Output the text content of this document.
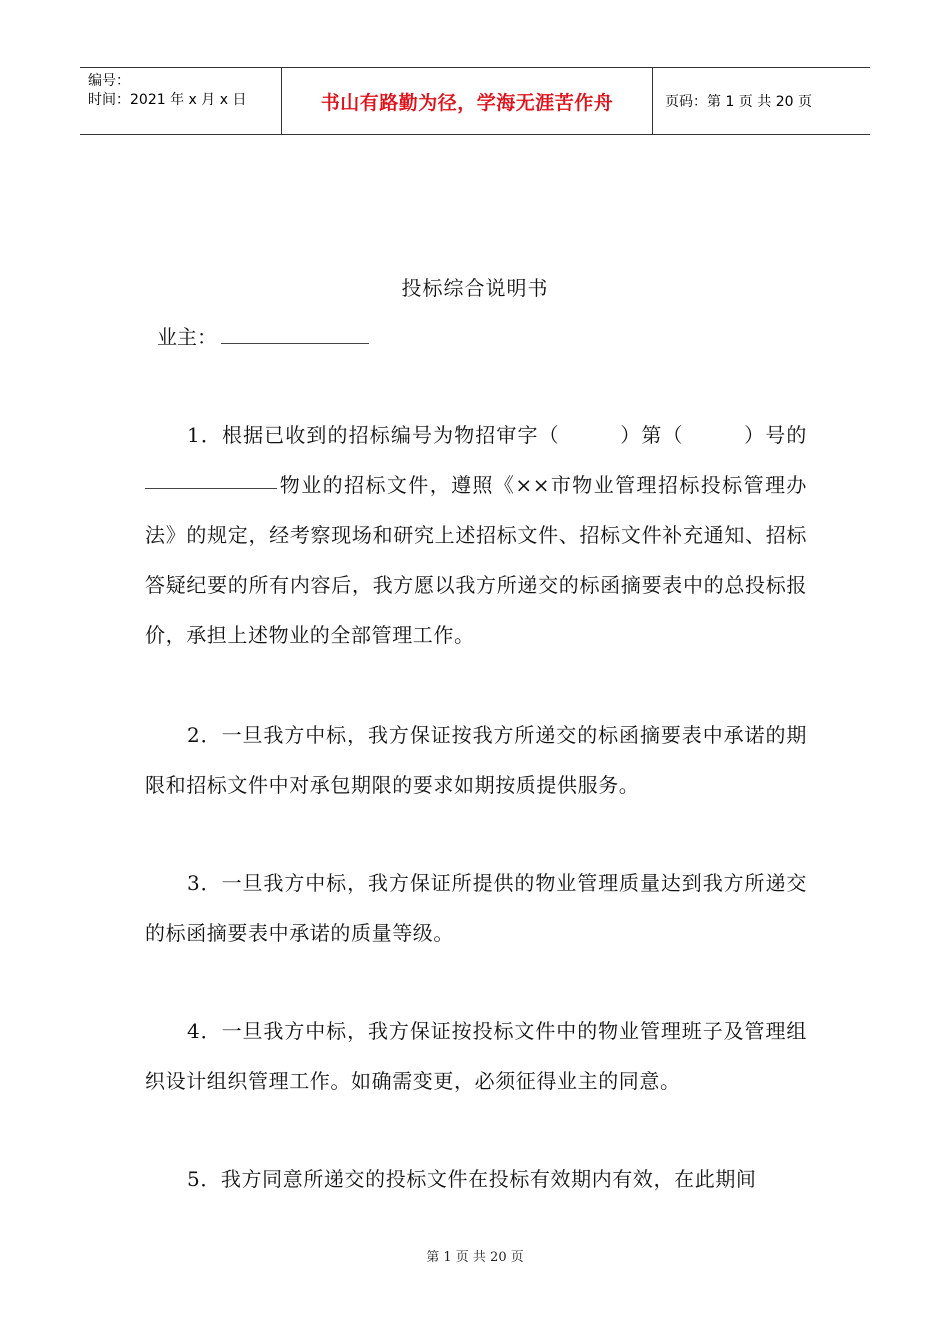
编号：
时间：2021 年 x 月 x 日	书山有路勤为径，学海无涯苦作舟	页码：第 1 页 共 20 页
投标综合说明书
业主：
1．根据已收到的招标编号为物招审字（	）第（	）号的物业的招标文件，遵照《××市物业管理招标投标管理办法》的规定，经考察现场和研究上述招标文件、招标文件补充通知、招标答疑纪要的所有内容后，我方愿以我方所递交的标函摘要表中的总投标报价，承担上述物业的全部管理工作。
2．一旦我方中标，我方保证按我方所递交的标函摘要表中承诺的期限和招标文件中对承包期限的要求如期按质提供服务。
3．一旦我方中标，我方保证所提供的物业管理质量达到我方所递交的标函摘要表中承诺的质量等级。
4．一旦我方中标，我方保证按投标文件中的物业管理班子及管理组织设计组织管理工作。如确需变更，必须征得业主的同意。
5．我方同意所递交的投标文件在投标有效期内有效，在此期间
第 1 页 共 20 页
